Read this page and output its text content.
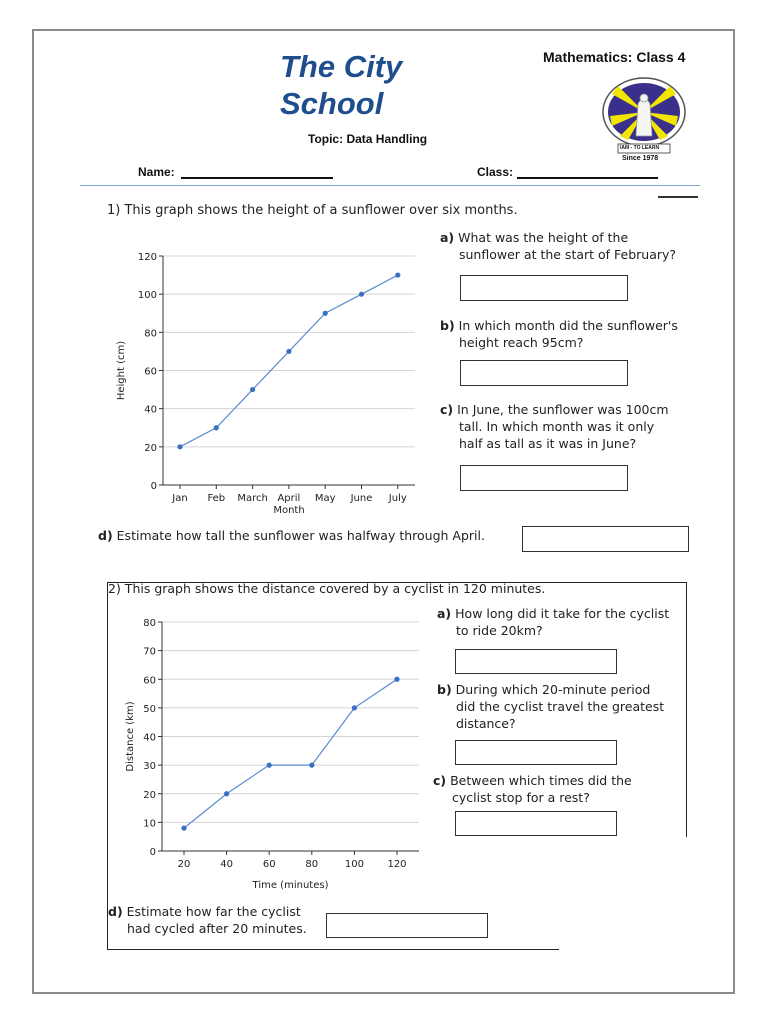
The City
School
Mathematics: Class 4
Topic: Data Handling
IAM - TO LEARN
Since 1978
Name:	Class:
1) This graph shows the height of a sunflower over six months.
0
20
40
60
80
100
120
Jan Feb March April May June July
Month
Height (cm)
a) What was the height of the
sunflower at the start of February?
b) In which month did the sunflower's
height reach 95cm?
c) In June, the sunflower was 100cm
tall. In which month was it only
half as tall as it was in June?
d) Estimate how tall the sunflower was halfway through April.
2) This graph shows the distance covered by a cyclist in 120 minutes.
0
10
20
30
40
50
60
70
80
20	40	60	80	100 120
Time (minutes)
Distance (km)
a) How long did it take for the cyclist
to ride 20km?
b) During which 20-minute period
did the cyclist travel the greatest
distance?
c) Between which times did the
cyclist stop for a rest?
d) Estimate how far the cyclist
had cycled after 20 minutes.
